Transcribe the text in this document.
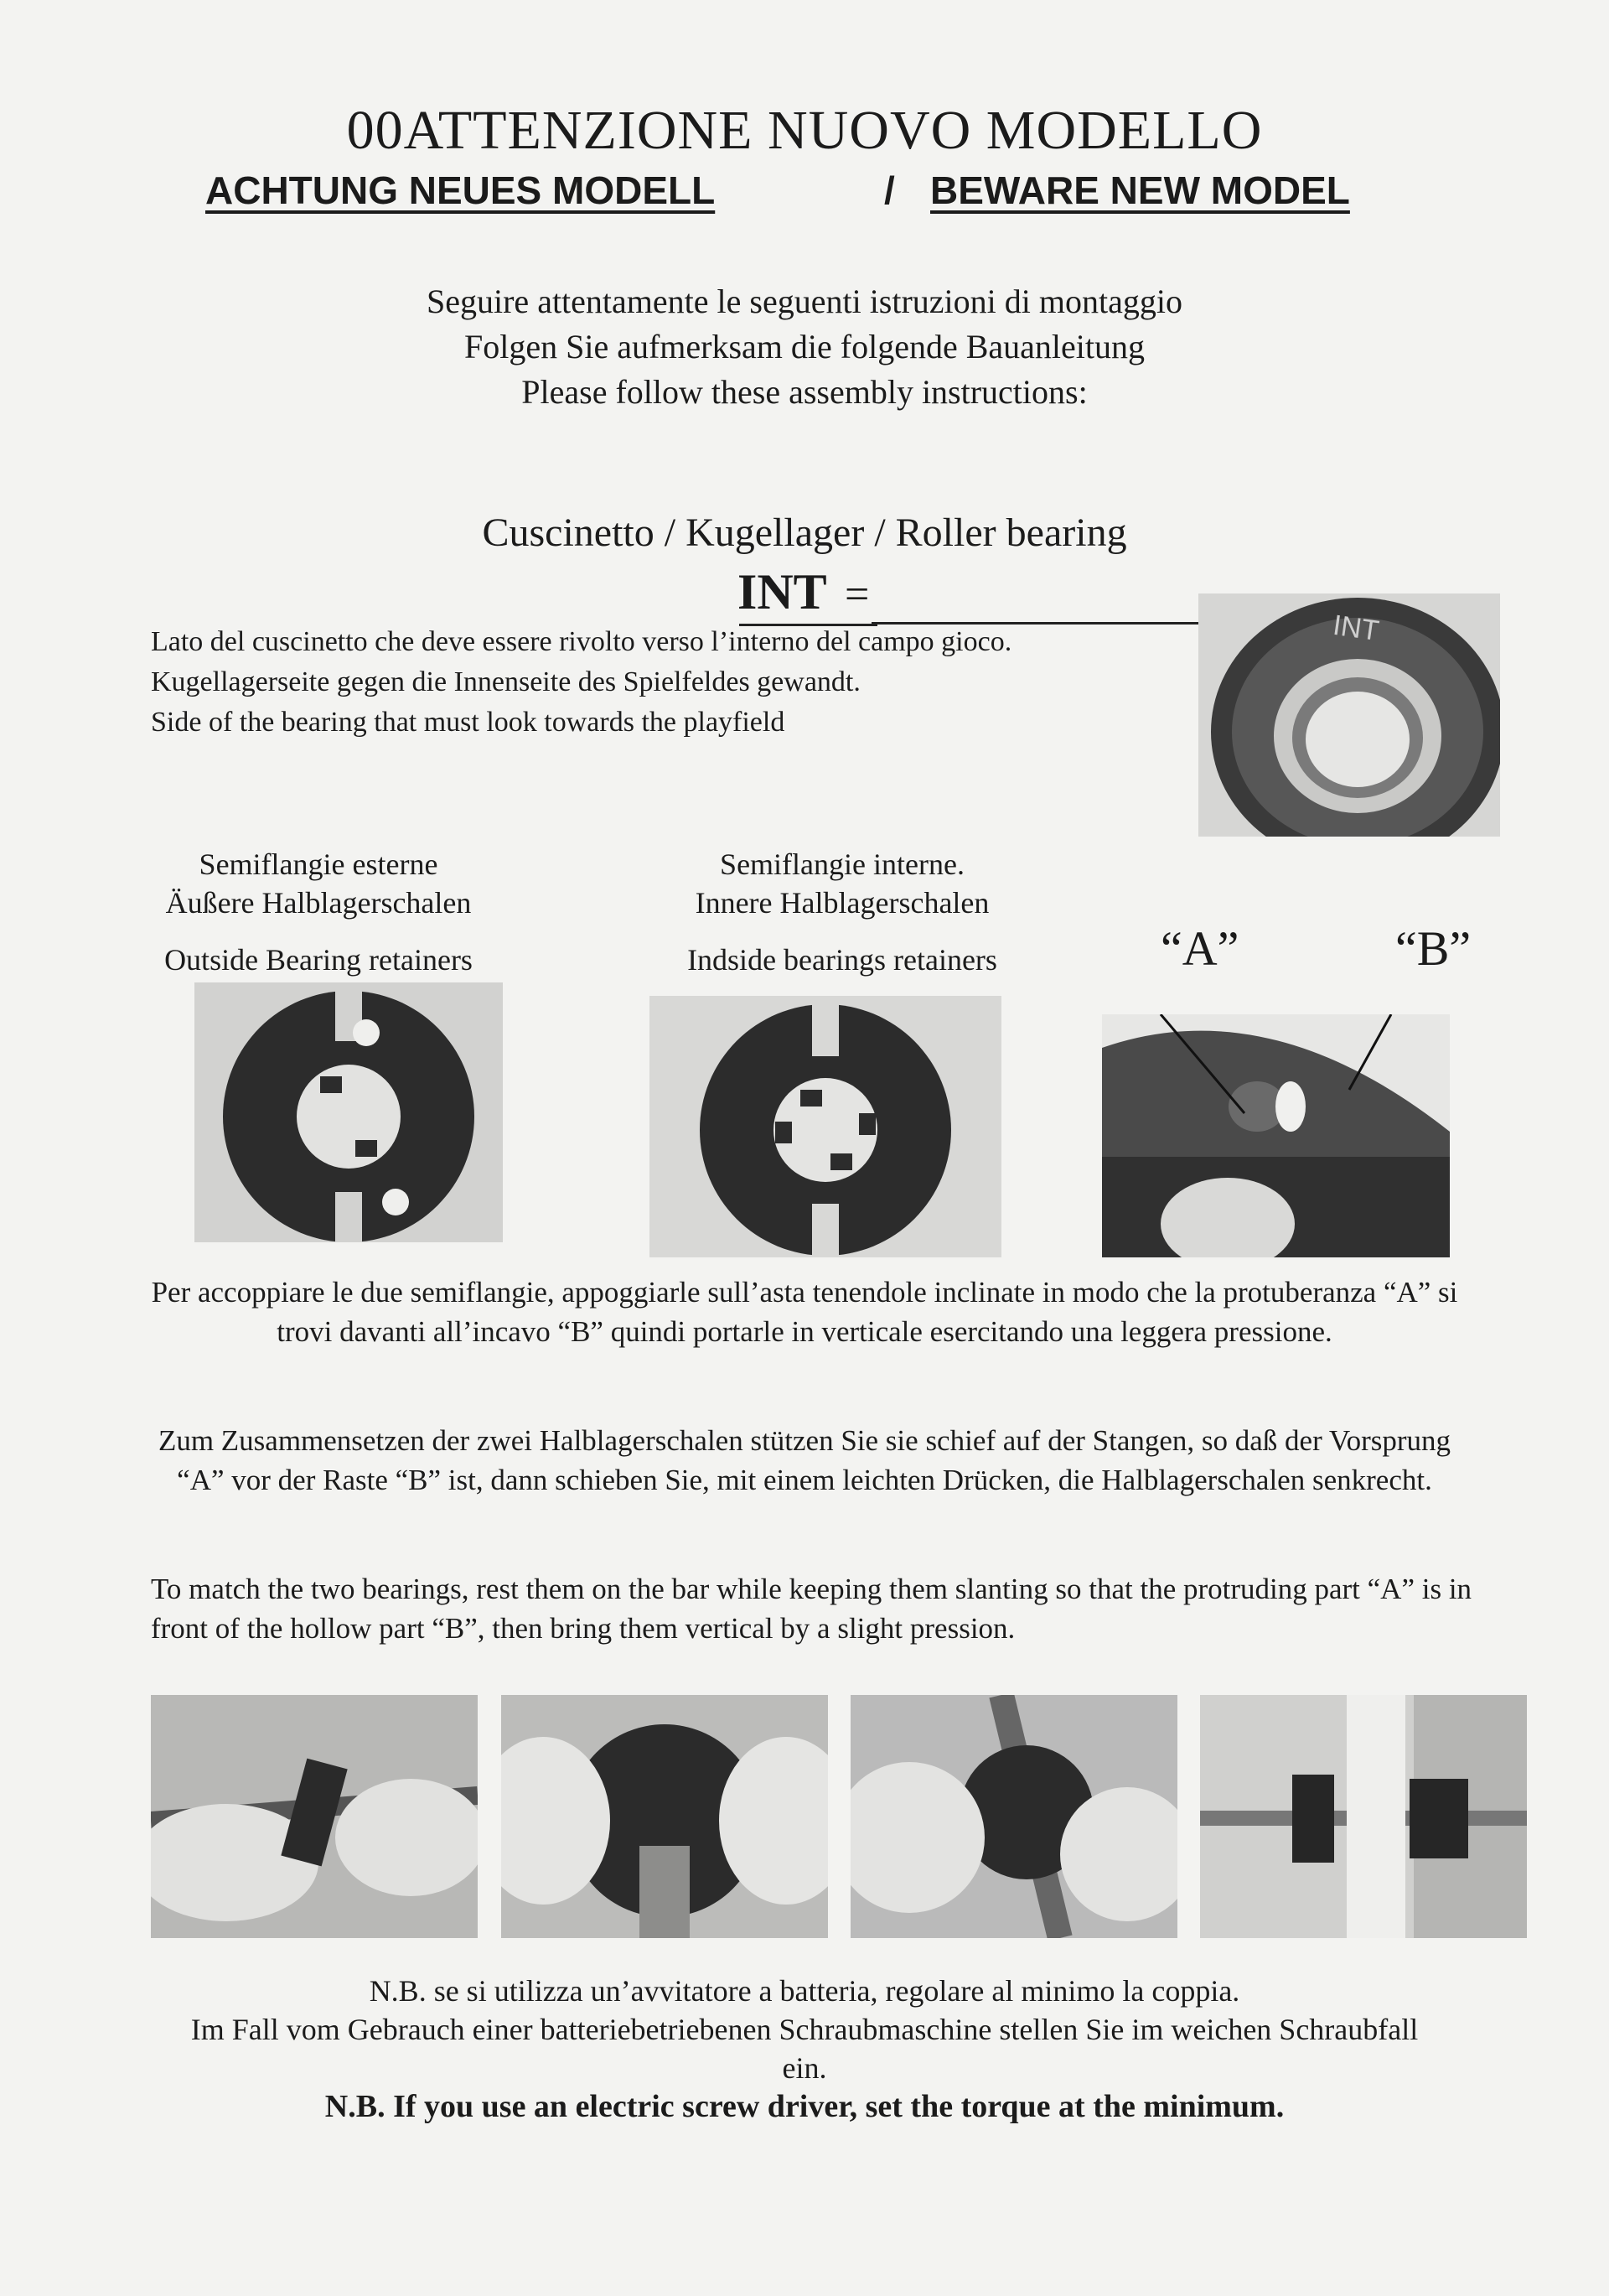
00ATTENZIONE NUOVO MODELLO
ACHTUNG NEUES MODELL	/ BEWARE NEW MODEL
Seguire attentamente le seguenti istruzioni di montaggio
Folgen Sie aufmerksam die folgende Bauanleitung
Please follow these assembly instructions:
Cuscinetto / Kugellager / Roller bearing
INT =
Lato del cuscinetto che deve essere rivolto verso l’interno del campo gioco.
Kugellagerseite gegen die Innenseite des Spielfeldes gewandt.
Side of the bearing that must look towards the playfield
INT
Semiflangie esterne
Äußere Halblagerschalen
Outside Bearing retainers
Semiflangie interne.
Innere Halblagerschalen
Indside bearings retainers	“A”	“B”
Per accoppiare le due semiflangie, appoggiarle sull’asta tenendole inclinate in modo che la protuberanza “A” si trovi davanti all’incavo “B” quindi portarle in verticale esercitando una leggera pressione.
Zum Zusammensetzen der zwei Halblagerschalen stützen Sie sie schief auf der Stangen, so daß der Vorsprung “A” vor der Raste “B” ist, dann schieben Sie, mit einem leichten Drücken, die Halblagerschalen senkrecht.
To match the two bearings, rest them on the bar while keeping them slanting so that the protruding part “A” is in front of the hollow part “B”, then bring them vertical by a slight pression.
N.B. se si utilizza un’avvitatore a batteria, regolare al minimo la coppia.
Im Fall vom Gebrauch einer batteriebetriebenen Schraubmaschine stellen Sie im weichen Schraubfall ein.
N.B. If you use an electric screw driver, set the torque at the minimum.
